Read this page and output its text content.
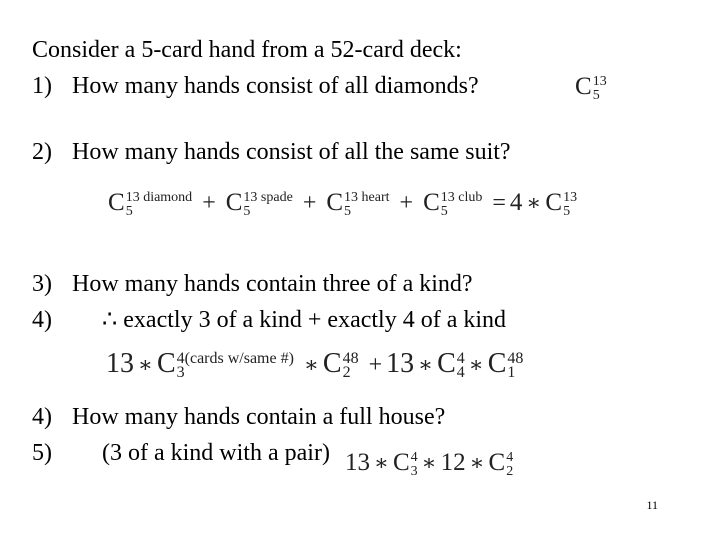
Consider a 5-card hand from a 52-card deck:
1) How many hands consist of all diamonds?	C 13
5
2) How many hands consist of all the same suit?
C 13 diamond
5	+ C 13 spade
5	+ C 13 heart
5	+ C 13 club
5	= 4 ∗ C 13
5
3) How many hands contain three of a kind?
4) ∴ exactly 3 of a kind + exactly 4 of a kind
13 ∗ C 4(cards w/same #)
3	∗ C 48
2 + 13 ∗ C 4
4 ∗ C 48
1
4) How many hands contain a full house?
5) (3 of a kind with a pair) 13 ∗ C 4
3 ∗ 12 ∗ C 4
2
11
